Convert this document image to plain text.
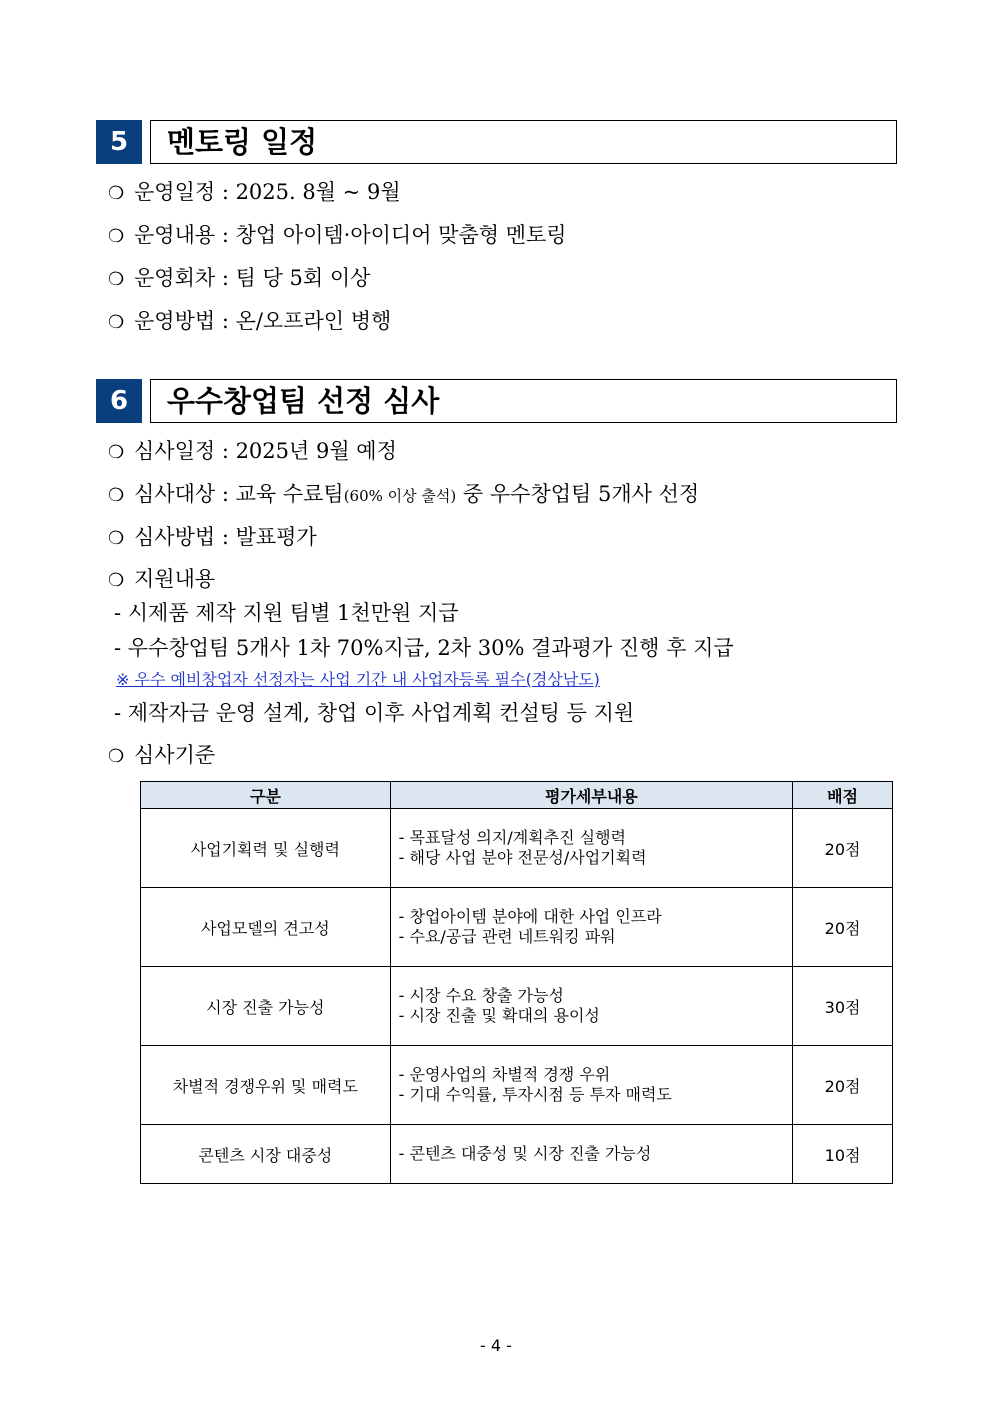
5	멘토링 일정
❍ 운영일정 : 2025. 8월 ~ 9월
❍ 운영내용 : 창업 아이템·아이디어 맞춤형 멘토링
❍ 운영회차 : 팀 당 5회 이상
❍ 운영방법 : 온/오프라인 병행
6	우수창업팀 선정 심사
❍ 심사일정 : 2025년 9월 예정
❍ 심사대상 : 교육 수료팀(60% 이상 출석) 중 우수창업팀 5개사 선정
❍ 심사방법 : 발표평가
❍ 지원내용
- 시제품 제작 지원 팀별 1천만원 지급
- 우수창업팀 5개사 1차 70%지급, 2차 30% 결과평가 진행 후 지급
※ 우수 예비창업자 선정자는 사업 기간 내 사업자등록 필수(경상남도)
- 제작자금 운영 설계, 창업 이후 사업계획 컨설팅 등 지원
❍ 심사기준
구분	평가세부내용	배점
사업기획력 및 실행력	- 목표달성 의지/계획추진 실행력
- 해당 사업 분야 전문성/사업기획력	20점
사업모델의 견고성	- 창업아이템 분야에 대한 사업 인프라
- 수요/공급 관련 네트워킹 파워	20점
시장 진출 가능성	- 시장 수요 창출 가능성
- 시장 진출 및 확대의 용이성	30점
차별적 경쟁우위 및 매력도	- 운영사업의 차별적 경쟁 우위
- 기대 수익률, 투자시점 등 투자 매력도	20점
콘텐츠 시장 대중성	- 콘텐츠 대중성 및 시장 진출 가능성	10점
- 4 -
